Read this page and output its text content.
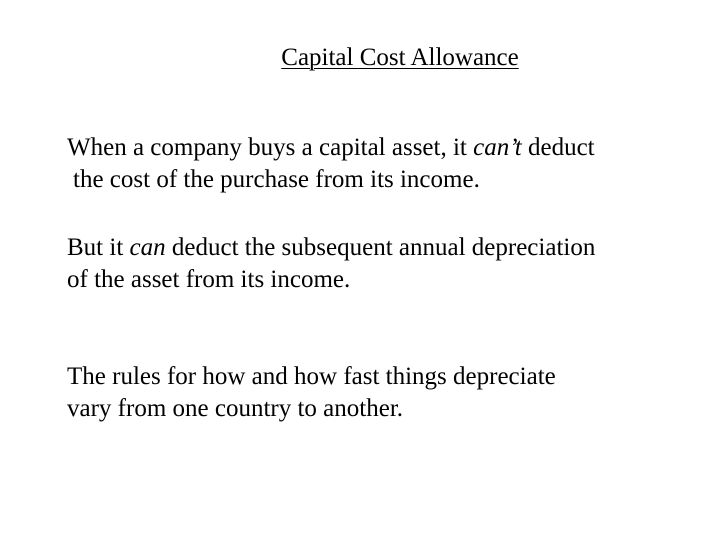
Capital Cost Allowance
When a company buys a capital asset, it can’t deduct
the cost of the purchase from its income.
But it can deduct the subsequent annual depreciation
of the asset from its income.
The rules for how and how fast things depreciate
vary from one country to another.
